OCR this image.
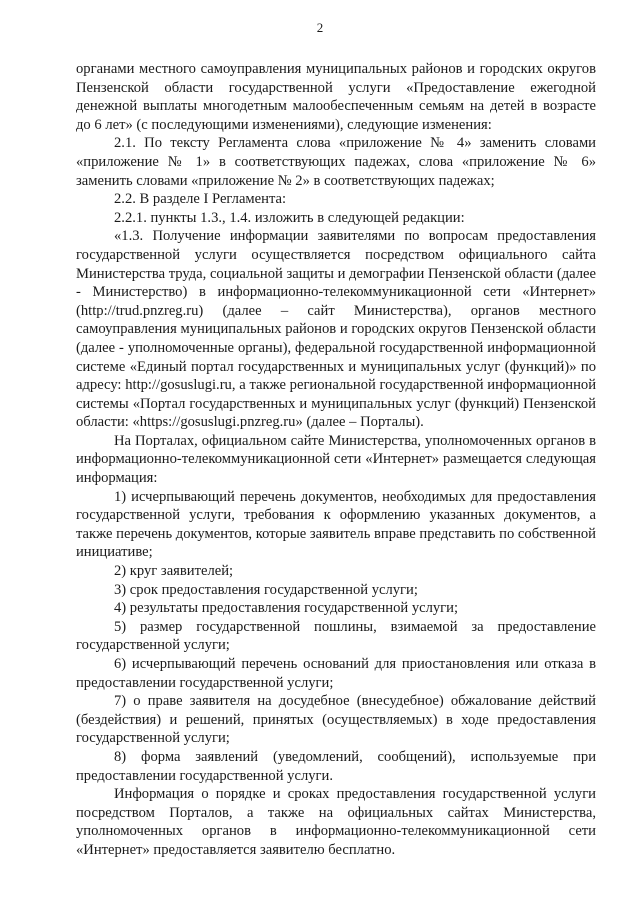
2

органами местного самоуправления муниципальных районов и городских округов Пензенской области государственной услуги «Предоставление ежегодной денежной выплаты многодетным малообеспеченным семьям на детей в возрасте до 6 лет» (с последующими изменениями), следующие изменения:

2.1. По тексту Регламента слова «приложение № 4» заменить словами «приложение № 1» в соответствующих падежах, слова «приложение № 6» заменить словами «приложение № 2» в соответствующих падежах;

2.2. В разделе I Регламента:

2.2.1. пункты 1.3., 1.4. изложить в следующей редакции:

«1.3. Получение информации заявителями по вопросам предоставления государственной услуги осуществляется посредством официального сайта Министерства труда, социальной защиты и демографии Пензенской области (далее - Министерство) в информационно-телекоммуникационной сети «Интернет» (http://trud.pnzreg.ru) (далее – сайт Министерства), органов местного самоуправления муниципальных районов и городских округов Пензенской области (далее - уполномоченные органы), федеральной государственной информационной системе «Единый портал государственных и муниципальных услуг (функций)» по адресу: http://gosuslugi.ru, а также региональной государственной информационной системы «Портал государственных и муниципальных услуг (функций) Пензенской области: «https://gosuslugi.pnzreg.ru» (далее – Порталы).

На Порталах, официальном сайте Министерства, уполномоченных органов в информационно-телекоммуникационной сети «Интернет» размещается следующая информация:

1) исчерпывающий перечень документов, необходимых для предоставления государственной услуги, требования к оформлению указанных документов, а также перечень документов, которые заявитель вправе представить по собственной инициативе;

2) круг заявителей;

3) срок предоставления государственной услуги;

4) результаты предоставления государственной услуги;

5) размер государственной пошлины, взимаемой за предоставление государственной услуги;

6) исчерпывающий перечень оснований для приостановления или отказа в предоставлении государственной услуги;

7) о праве заявителя на досудебное (внесудебное) обжалование действий (бездействия) и решений, принятых (осуществляемых) в ходе предоставления государственной услуги;

8) форма заявлений (уведомлений, сообщений), используемые при предоставлении государственной услуги.

Информация о порядке и сроках предоставления государственной услуги посредством Порталов, а также на официальных сайтах Министерства, уполномоченных органов в информационно-телекоммуникационной сети «Интернет» предоставляется заявителю бесплатно.
